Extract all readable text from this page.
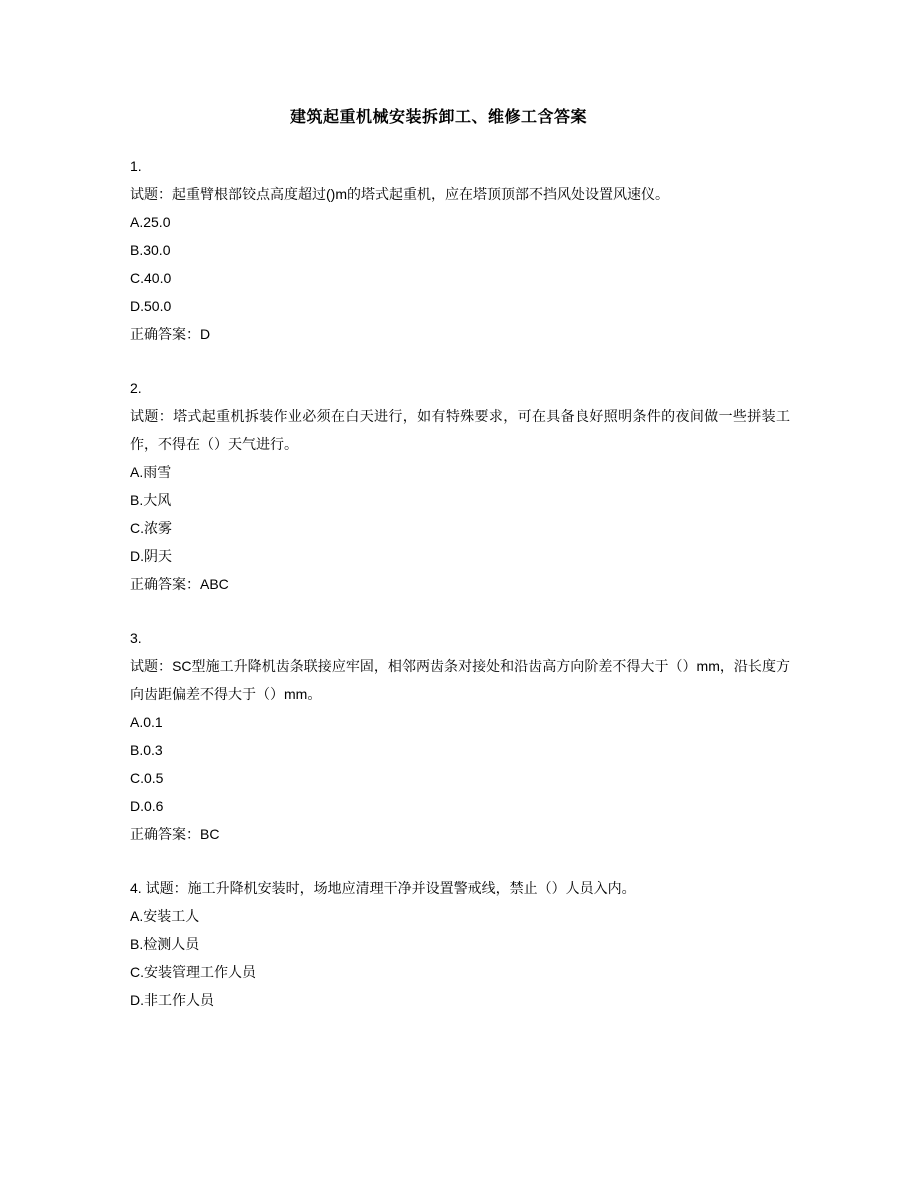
建筑起重机械安装拆卸工、维修工含答案
1.
试题：起重臂根部铰点高度超过()m的塔式起重机，应在塔顶顶部不挡风处设置风速仪。
A.25.0
B.30.0
C.40.0
D.50.0
正确答案：D
2.
试题：塔式起重机拆装作业必须在白天进行，如有特殊要求，可在具备良好照明条件的夜间做一些拼装工作，不得在（）天气进行。
A.雨雪
B.大风
C.浓雾
D.阴天
正确答案：ABC
3.
试题：SC型施工升降机齿条联接应牢固，相邻两齿条对接处和沿齿高方向阶差不得大于（）mm，沿长度方向齿距偏差不得大于（）mm。
A.0.1
B.0.3
C.0.5
D.0.6
正确答案：BC
4. 试题：施工升降机安装时，场地应清理干净并设置警戒线，禁止（）人员入内。
A.安装工人
B.检测人员
C.安装管理工作人员
D.非工作人员
